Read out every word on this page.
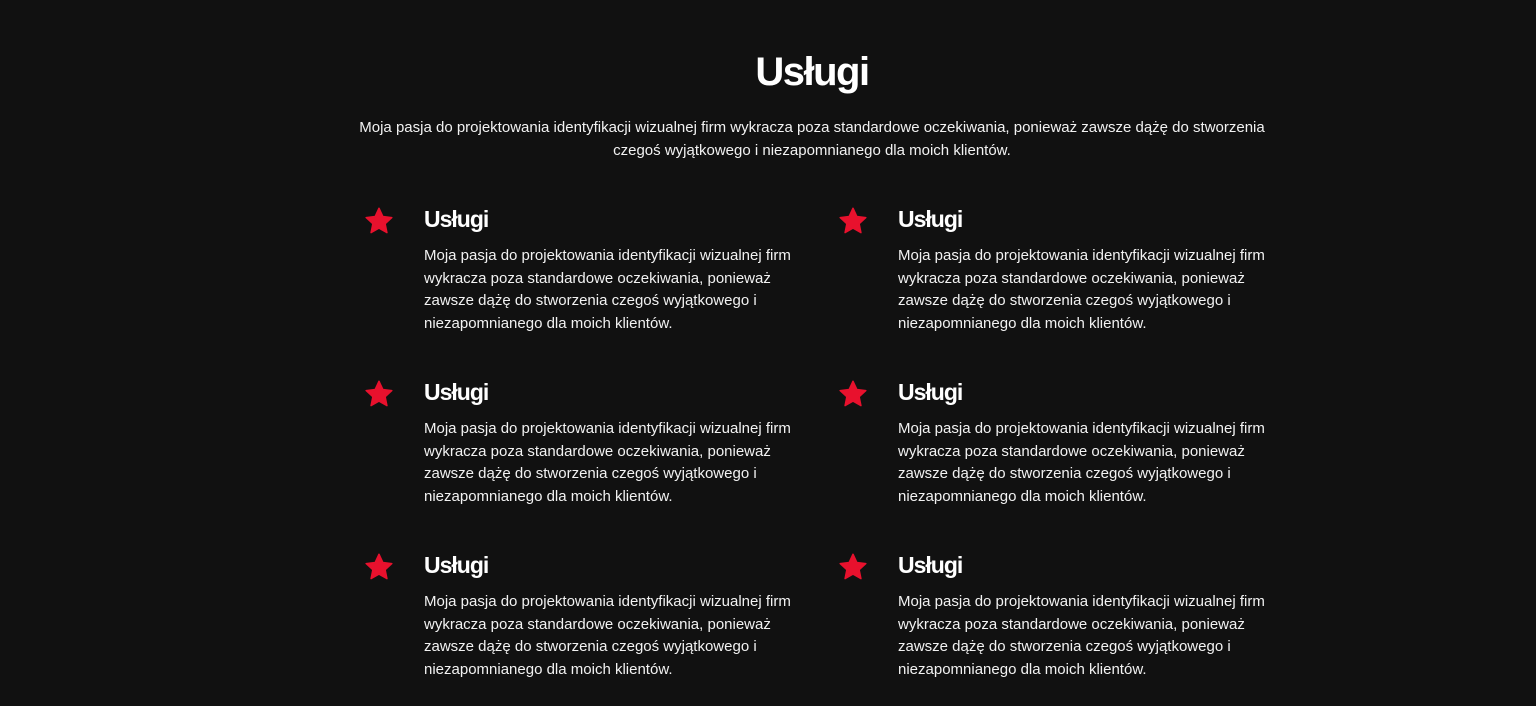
Usługi

Moja pasja do projektowania identyfikacji wizualnej firm wykracza poza standardowe oczekiwania, ponieważ zawsze dążę do stworzenia czegoś wyjątkowego i niezapomnianego dla moich klientów.

Usługi

Moja pasja do projektowania identyfikacji wizualnej firm wykracza poza standardowe oczekiwania, ponieważ zawsze dążę do stworzenia czegoś wyjątkowego i niezapomnianego dla moich klientów.

Usługi

Moja pasja do projektowania identyfikacji wizualnej firm wykracza poza standardowe oczekiwania, ponieważ zawsze dążę do stworzenia czegoś wyjątkowego i niezapomnianego dla moich klientów.

Usługi

Moja pasja do projektowania identyfikacji wizualnej firm wykracza poza standardowe oczekiwania, ponieważ zawsze dążę do stworzenia czegoś wyjątkowego i niezapomnianego dla moich klientów.

Usługi

Moja pasja do projektowania identyfikacji wizualnej firm wykracza poza standardowe oczekiwania, ponieważ zawsze dążę do stworzenia czegoś wyjątkowego i niezapomnianego dla moich klientów.

Usługi

Moja pasja do projektowania identyfikacji wizualnej firm wykracza poza standardowe oczekiwania, ponieważ zawsze dążę do stworzenia czegoś wyjątkowego i niezapomnianego dla moich klientów.

Usługi

Moja pasja do projektowania identyfikacji wizualnej firm wykracza poza standardowe oczekiwania, ponieważ zawsze dążę do stworzenia czegoś wyjątkowego i niezapomnianego dla moich klientów.
